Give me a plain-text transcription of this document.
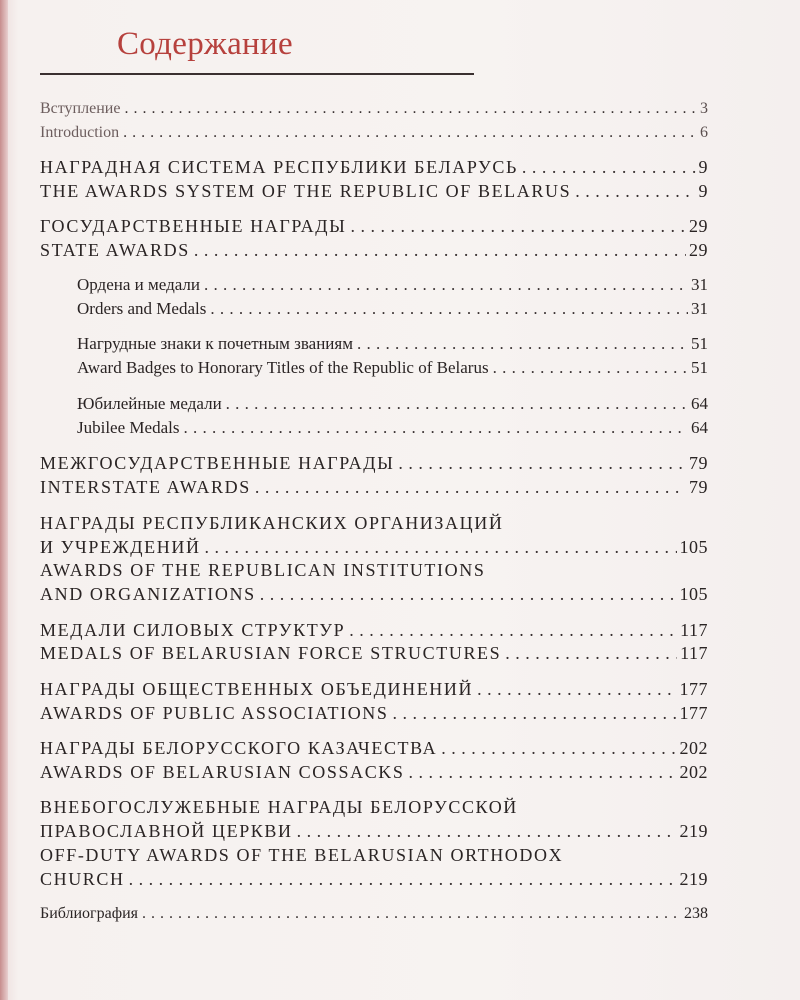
Содержание
Вступление . . .	3
Introduction . . .	6
НАГРАДНАЯ СИСТЕМА РЕСПУБЛИКИ БЕЛАРУСЬ . . .	9
THE AWARDS SYSTEM OF THE REPUBLIC OF BELARUS . . .	9
ГОСУДАРСТВЕННЫЕ НАГРАДЫ . . .	29
STATE AWARDS . . .	29
Ордена и медали . . .	31
Orders and Medals . . .	31
Нагрудные знаки к почетным званиям . . .	51
Award Badges to Honorary Titles of the Republic of Belarus . . .	51
Юбилейные медали . . .	64
Jubilee Medals . . .	64
МЕЖГОСУДАРСТВЕННЫЕ НАГРАДЫ . . .	79
INTERSTATE AWARDS . . .	79
НАГРАДЫ РЕСПУБЛИКАНСКИХ ОРГАНИЗАЦИЙ
И УЧРЕЖДЕНИЙ . . .	105
AWARDS OF THE REPUBLICAN INSTITUTIONS
AND ORGANIZATIONS . . .	105
МЕДАЛИ СИЛОВЫХ СТРУКТУР . . .	117
MEDALS OF BELARUSIAN FORCE STRUCTURES . . .	117
НАГРАДЫ ОБЩЕСТВЕННЫХ ОБЪЕДИНЕНИЙ . . .	177
AWARDS OF PUBLIC ASSOCIATIONS . . .	177
НАГРАДЫ БЕЛОРУССКОГО КАЗАЧЕСТВА . . .	202
AWARDS OF BELARUSIAN COSSACKS . . .	202
ВНЕБОГОСЛУЖЕБНЫЕ НАГРАДЫ БЕЛОРУССКОЙ
ПРАВОСЛАВНОЙ ЦЕРКВИ . . .	219
OFF-DUTY AWARDS OF THE BELARUSIAN ORTHODOX
CHURCH . . .	219
Библиография . . .	238
